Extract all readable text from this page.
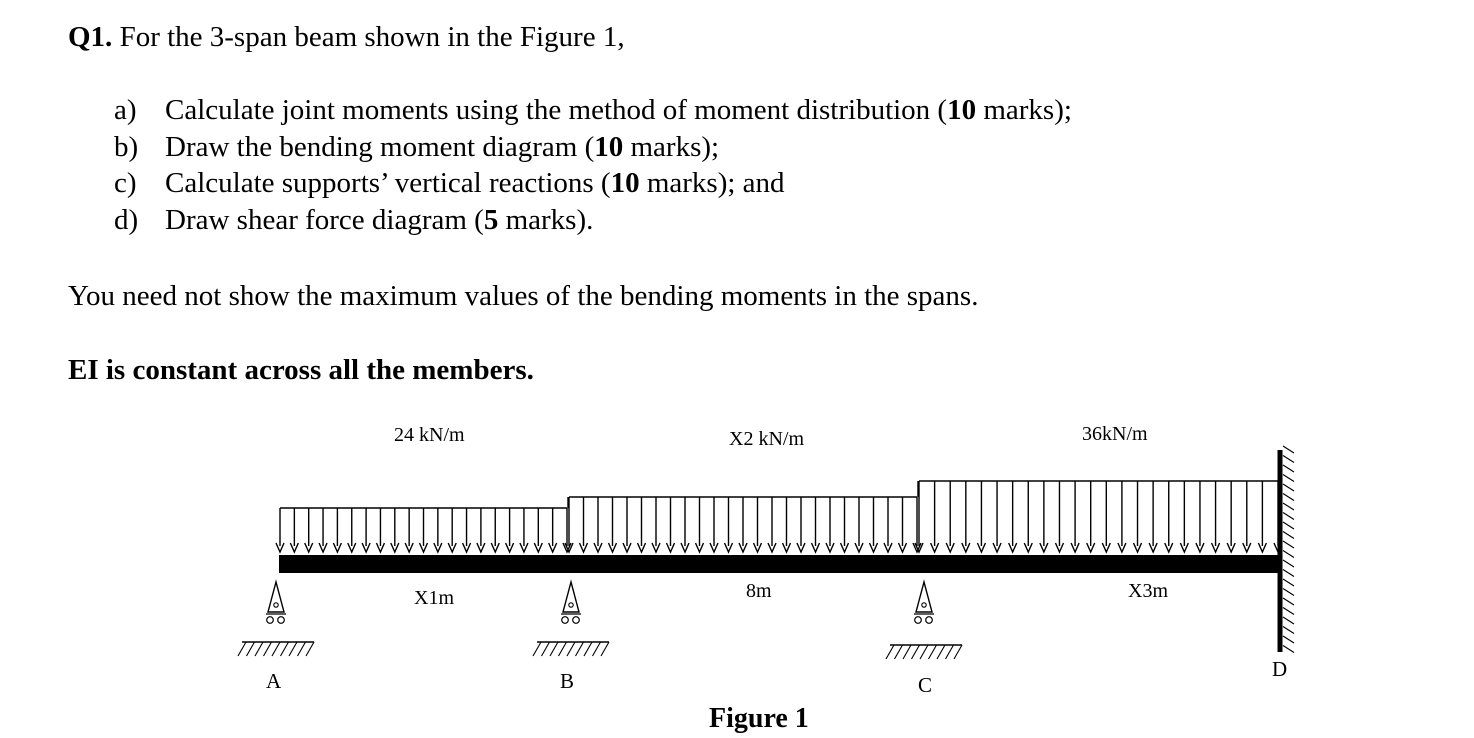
Q1. For the 3-span beam shown in the Figure 1,
a) Calculate joint moments using the method of moment distribution (10 marks);
b) Draw the bending moment diagram (10 marks);
c) Calculate supports’ vertical reactions (10 marks); and
d) Draw shear force diagram (5 marks).
You need not show the maximum values of the bending moments in the spans.
EI is constant across all the members.
24 kN/m	X2 kN/m	36kN/m
X1m	8m	X3m
A	B	C
D
Figure 1
